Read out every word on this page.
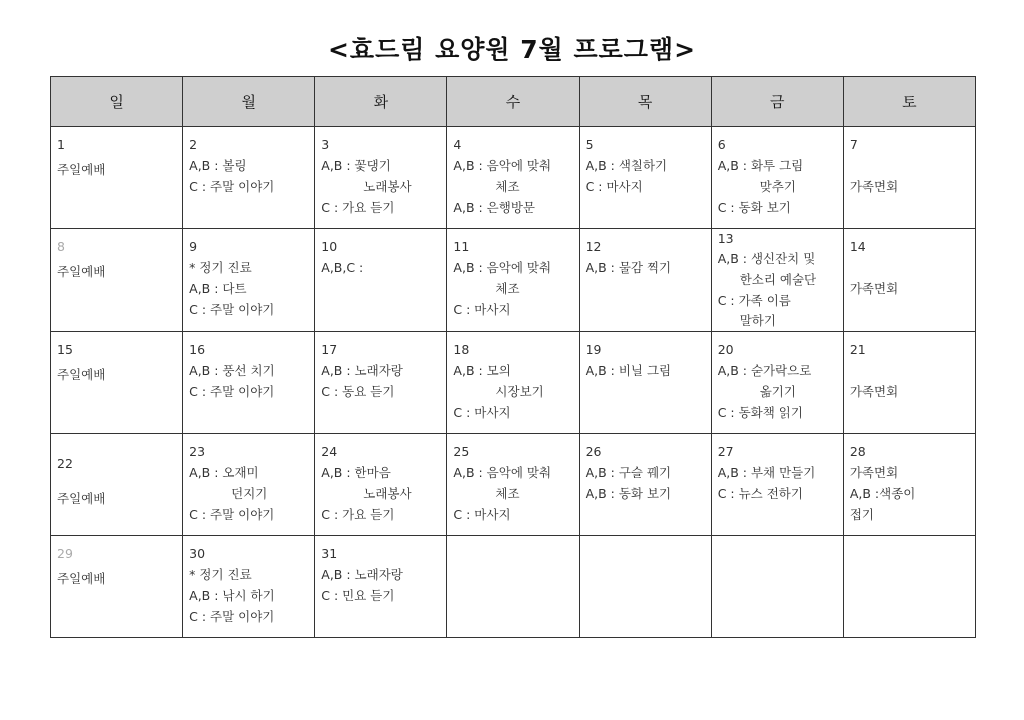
<효드림 요양원 7월 프로그램>
일	월	화	수	목	금	토

1
주일예배	2
A,B : 볼링
C : 주말 이야기	3
A,B : 꽃댕기
노래봉사
C : 가요 듣기	4
A,B : 음악에 맞춰
체조
A,B : 은행방문	5
A,B : 색칠하기
C : 마사지	6
A,B : 화투 그림
맞추기
C : 동화 보기	7
가족면회

8
주일예배	9
* 정기 진료
A,B : 다트
C : 주말 이야기	10
A,B,C :	11
A,B : 음악에 맞춰
체조
C : 마사지	12
A,B : 물감 찍기	13
A,B : 생신잔치 및
한소리 예술단
C : 가족 이름
말하기	14
가족면회

15
주일예배	16
A,B : 풍선 치기
C : 주말 이야기	17
A,B : 노래자랑
C : 동요 듣기	18
A,B : 모의
시장보기
C : 마사지	19
A,B : 비닐 그림	20
A,B : 숟가락으로
옮기기
C : 동화책 읽기	21
가족면회

22
주일예배	23
A,B : 오재미
던지기
C : 주말 이야기	24
A,B : 한마음
노래봉사
C : 가요 듣기	25
A,B : 음악에 맞춰
체조
C : 마사지	26
A,B : 구슬 꿰기
A,B : 동화 보기	27
A,B : 부채 만들기
C : 뉴스 전하기	28
가족면회
A,B :색종이
접기

29
주일예배	30
* 정기 진료
A,B : 낚시 하기
C : 주말 이야기	31
A,B : 노래자랑
C : 민요 듣기				
